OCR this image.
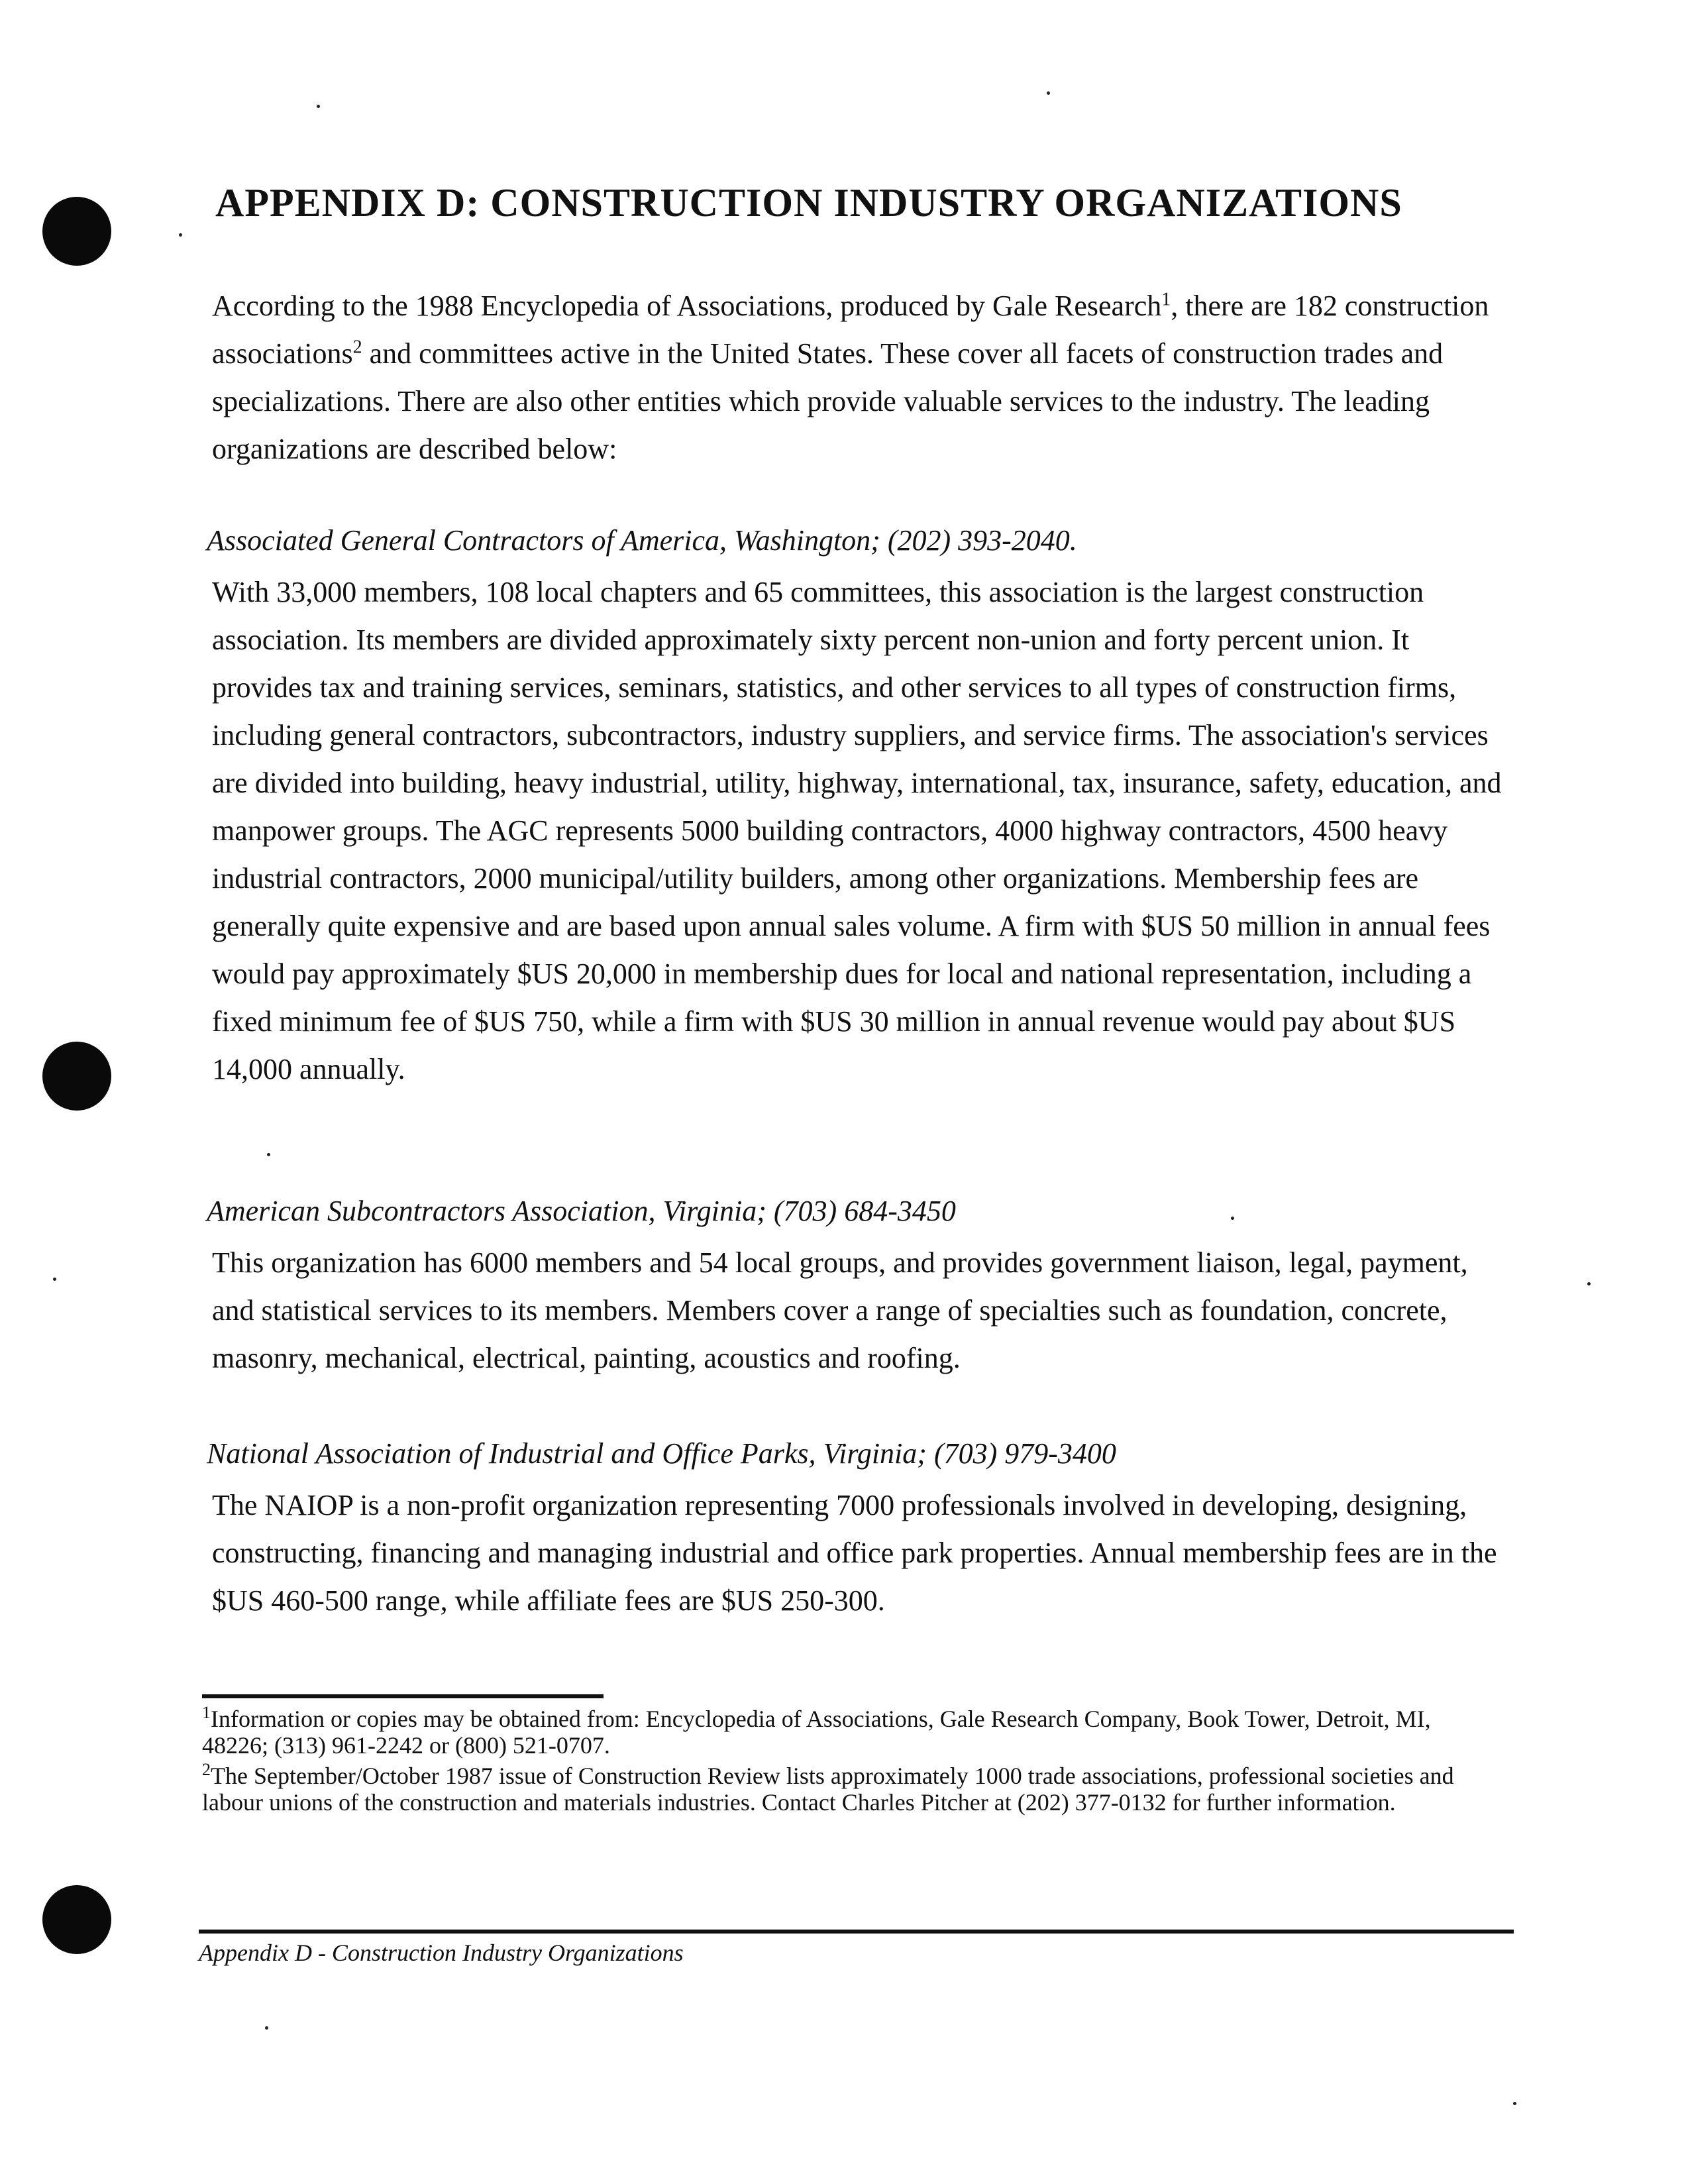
APPENDIX D: CONSTRUCTION INDUSTRY ORGANIZATIONS

According to the 1988 Encyclopedia of Associations, produced by Gale Research$^1$, there are 182 construction associations$^2$ and committees active in the United States. These cover all facets of construction trades and specializations. There are also other entities which provide valuable services to the industry. The leading organizations are described below:

Associated General Contractors of America, Washington; (202) 393-2040.

With 33,000 members, 108 local chapters and 65 committees, this association is the largest construction association. Its members are divided approximately sixty percent non-union and forty percent union. It provides tax and training services, seminars, statistics, and other services to all types of construction firms, including general contractors, subcontractors, industry suppliers, and service firms. The association's services are divided into building, heavy industrial, utility, highway, international, tax, insurance, safety, education, and manpower groups. The AGC represents 5000 building contractors, 4000 highway contractors, 4500 heavy industrial contractors, 2000 municipal/utility builders, among other organizations. Membership fees are generally quite expensive and are based upon annual sales volume. A firm with $US 50 million in annual fees would pay approximately $US 20,000 in membership dues for local and national representation, including a fixed minimum fee of $US 750, while a firm with $US 30 million in annual revenue would pay about $US 14,000 annually.

American Subcontractors Association, Virginia; (703) 684-3450

This organization has 6000 members and 54 local groups, and provides government liaison, legal, payment, and statistical services to its members. Members cover a range of specialties such as foundation, concrete, masonry, mechanical, electrical, painting, acoustics and roofing.

National Association of Industrial and Office Parks, Virginia; (703) 979-3400

The NAIOP is a non-profit organization representing 7000 professionals involved in developing, designing, constructing, financing and managing industrial and office park properties. Annual membership fees are in the $US 460-500 range, while affiliate fees are $US 250-300.

$^1$Information or copies may be obtained from: Encyclopedia of Associations, Gale Research Company, Book Tower, Detroit, MI, 48226; (313) 961-2242 or (800) 521-0707.

$^2$The September/October 1987 issue of Construction Review lists approximately 1000 trade associations, professional societies and labour unions of the construction and materials industries. Contact Charles Pitcher at (202) 377-0132 for further information.

Appendix D - Construction Industry Organizations
